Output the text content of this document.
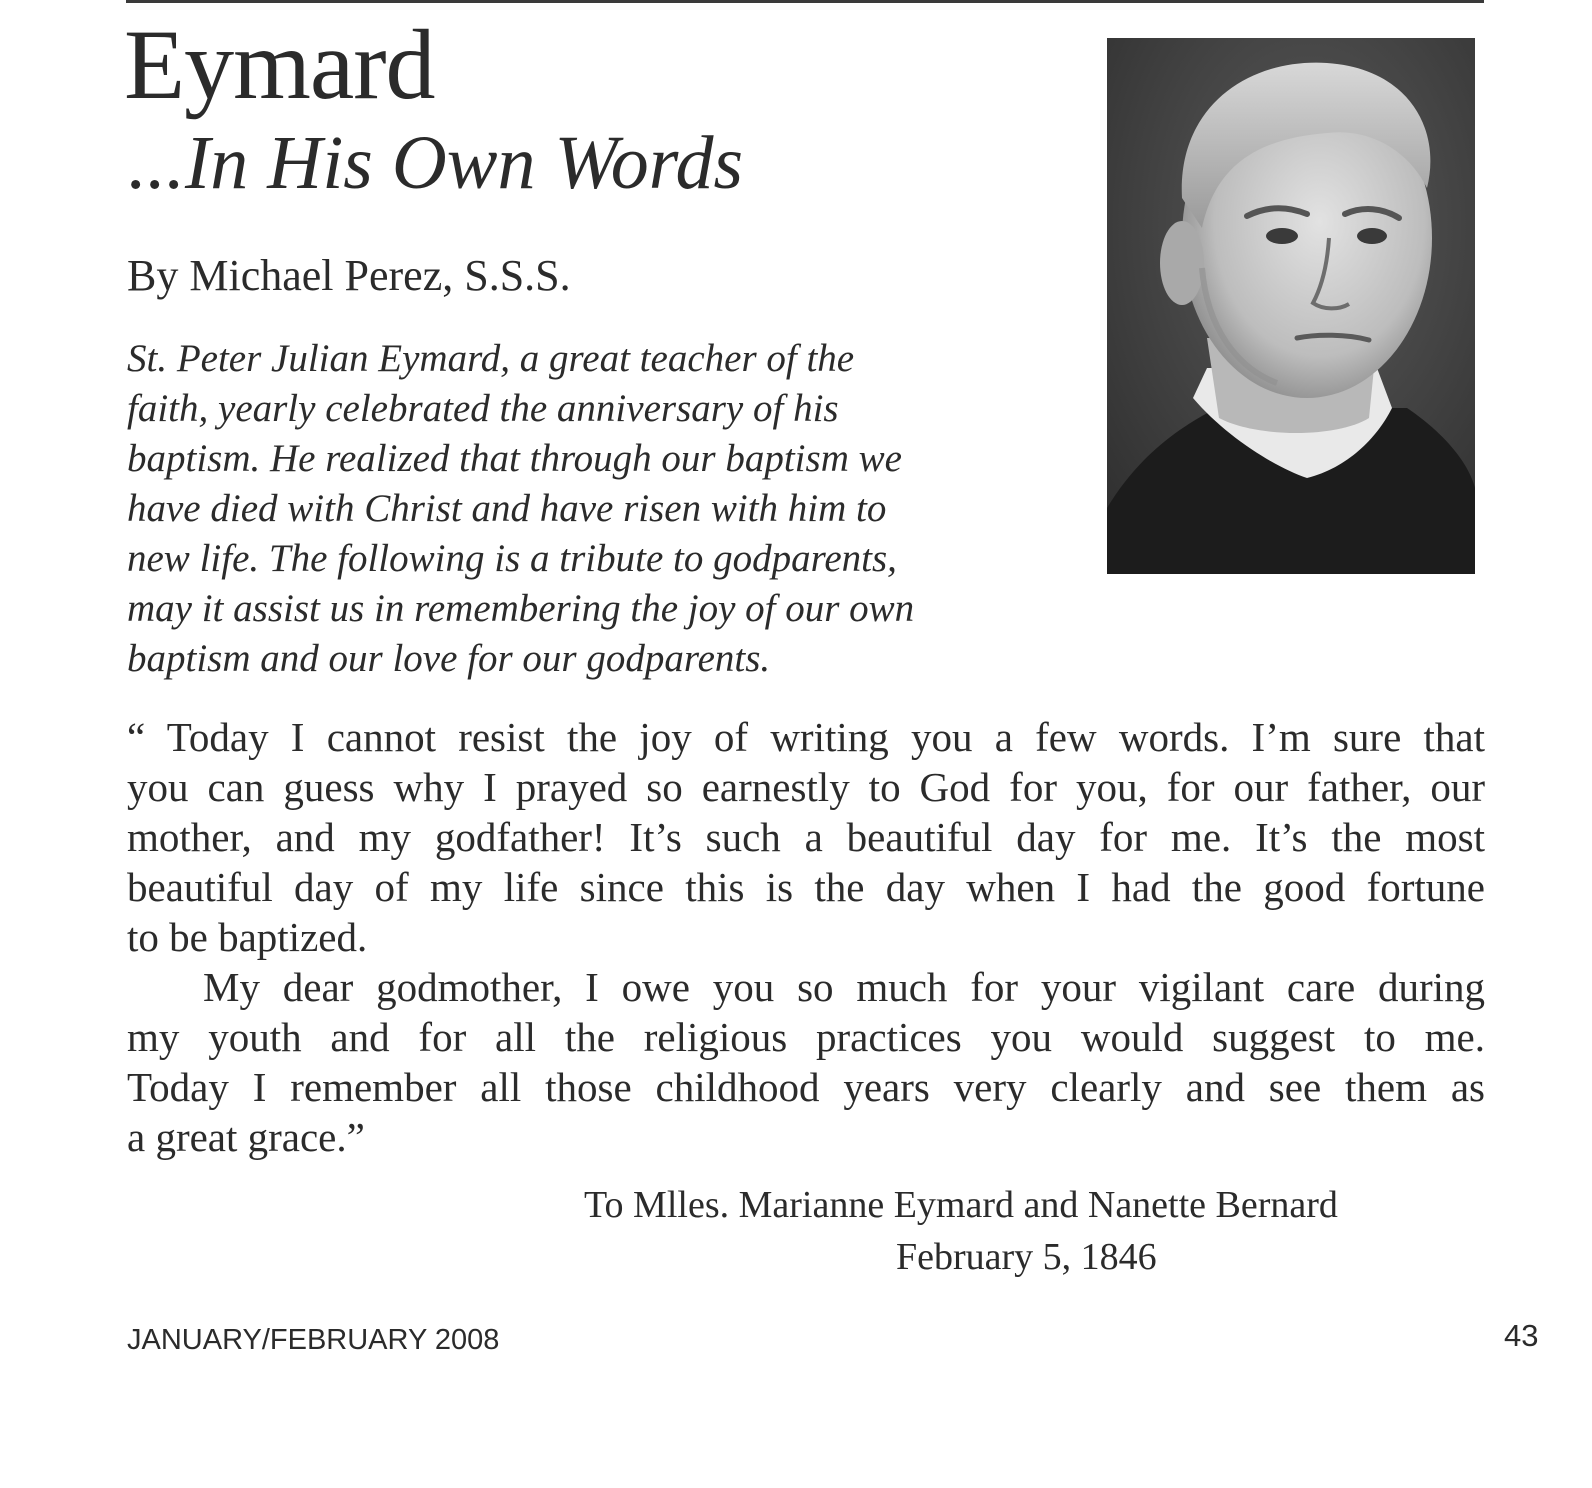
Eymard
...In His Own Words

By Michael Perez, S.S.S.

St. Peter Julian Eymard, a great teacher of the
faith, yearly celebrated the anniversary of his
baptism. He realized that through our baptism we
have died with Christ and have risen with him to
new life. The following is a tribute to godparents,
may it assist us in remembering the joy of our own
baptism and our love for our godparents.

“ Today I cannot resist the joy of writing you a few words. I’m sure that
you can guess why I prayed so earnestly to God for you, for our father, our
mother, and my godfather! It’s such a beautiful day for me. It’s the most
beautiful day of my life since this is the day when I had the good fortune
to be baptized.
My dear godmother, I owe you so much for your vigilant care during
my youth and for all the religious practices you would suggest to me.
Today I remember all those childhood years very clearly and see them as
a great grace.”

To Mlles. Marianne Eymard and Nanette Bernard

February 5, 1846

JANUARY/FEBRUARY 2008	43
